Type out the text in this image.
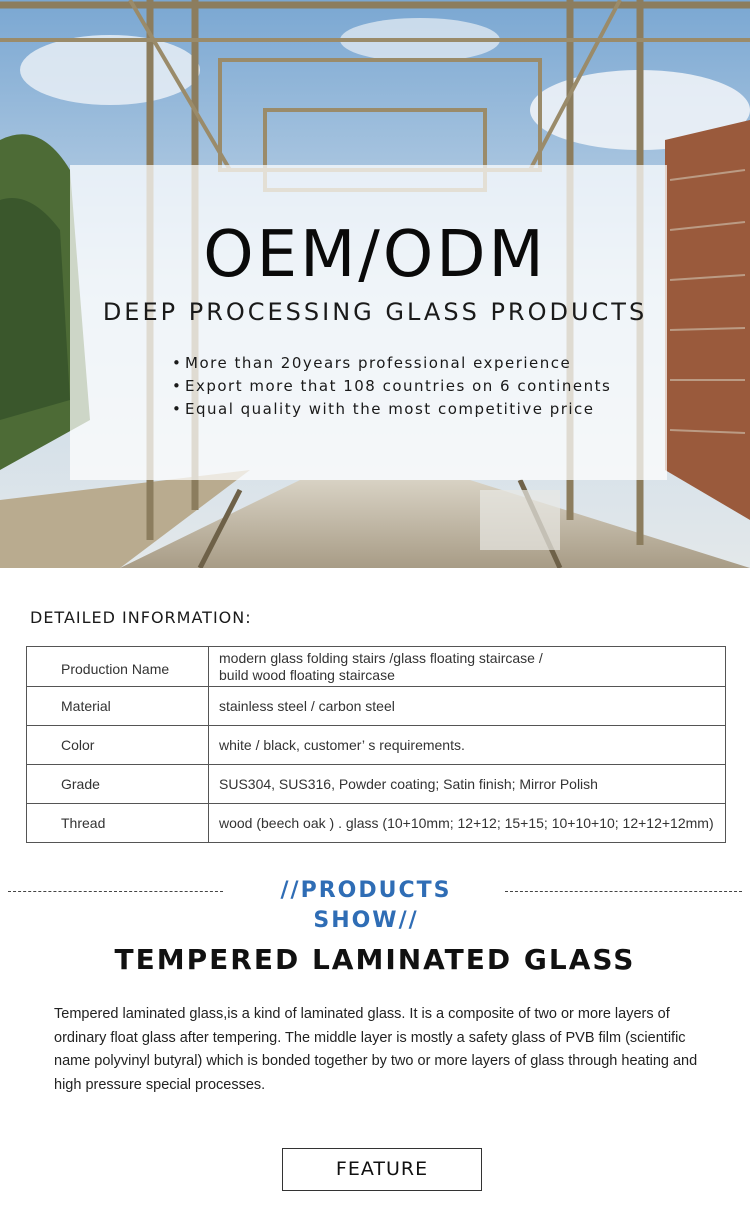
OEM/ODM
DEEP PROCESSING GLASS PRODUCTS
• More than 20years professional experience
• Export more that 108 countries on 6 continents
• Equal quality with the most competitive price
DETAILED INFORMATION:
Production Name	modern glass folding stairs /glass floating staircase /
build wood floating staircase

Material	stainless steel / carbon steel
Color	white / black, customer’ s requirements.
Grade	SUS304, SUS316, Powder coating; Satin finish; Mirror Polish
Thread	wood (beech oak ) . glass (10+10mm; 12+12; 15+15; 10+10+10; 12+12+12mm)
//PRODUCTS SHOW//
TEMPERED LAMINATED GLASS

Tempered laminated glass,is a kind of laminated glass. It is a composite of two or more layers of ordinary float glass after tempering. The middle layer is mostly a safety glass of PVB film (scientific name polyvinyl butyral) which is bonded together by two or more layers of glass through heating and high pressure special processes.

FEATURE
